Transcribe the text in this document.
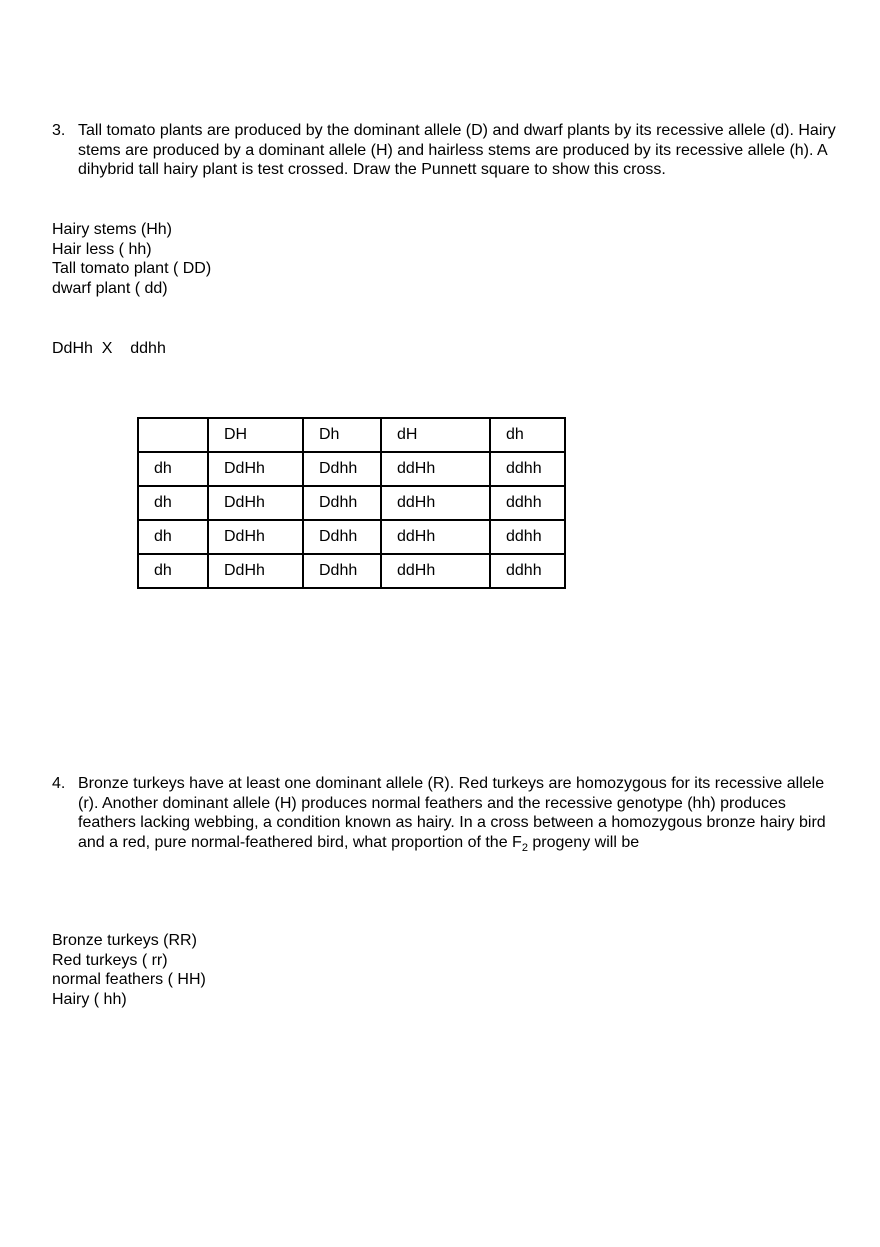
3. Tall tomato plants are produced by the dominant allele (D) and dwarf plants by its recessive allele (d). Hairy stems are produced by a dominant allele (H) and hairless stems are produced by its recessive allele (h). A dihybrid tall hairy plant is test crossed. Draw the Punnett square to show this cross.
Hairy stems (Hh)
Hair less ( hh)
Tall tomato plant ( DD)
dwarf plant ( dd)
DdHh  X    ddhh
	DH	Dh	dH	dh
dh	DdHh	Ddhh	ddHh	ddhh
dh	DdHh	Ddhh	ddHh	ddhh
dh	DdHh	Ddhh	ddHh	ddhh
dh	DdHh	Ddhh	ddHh	ddhh
4. Bronze turkeys have at least one dominant allele (R). Red turkeys are homozygous for its recessive allele (r). Another dominant allele (H) produces normal feathers and the recessive genotype (hh) produces feathers lacking webbing, a condition known as hairy. In a cross between a homozygous bronze hairy bird and a red, pure normal-feathered bird, what proportion of the $F_2$ progeny will be
Bronze turkeys (RR)
Red turkeys ( rr)
normal feathers ( HH)
Hairy ( hh)
